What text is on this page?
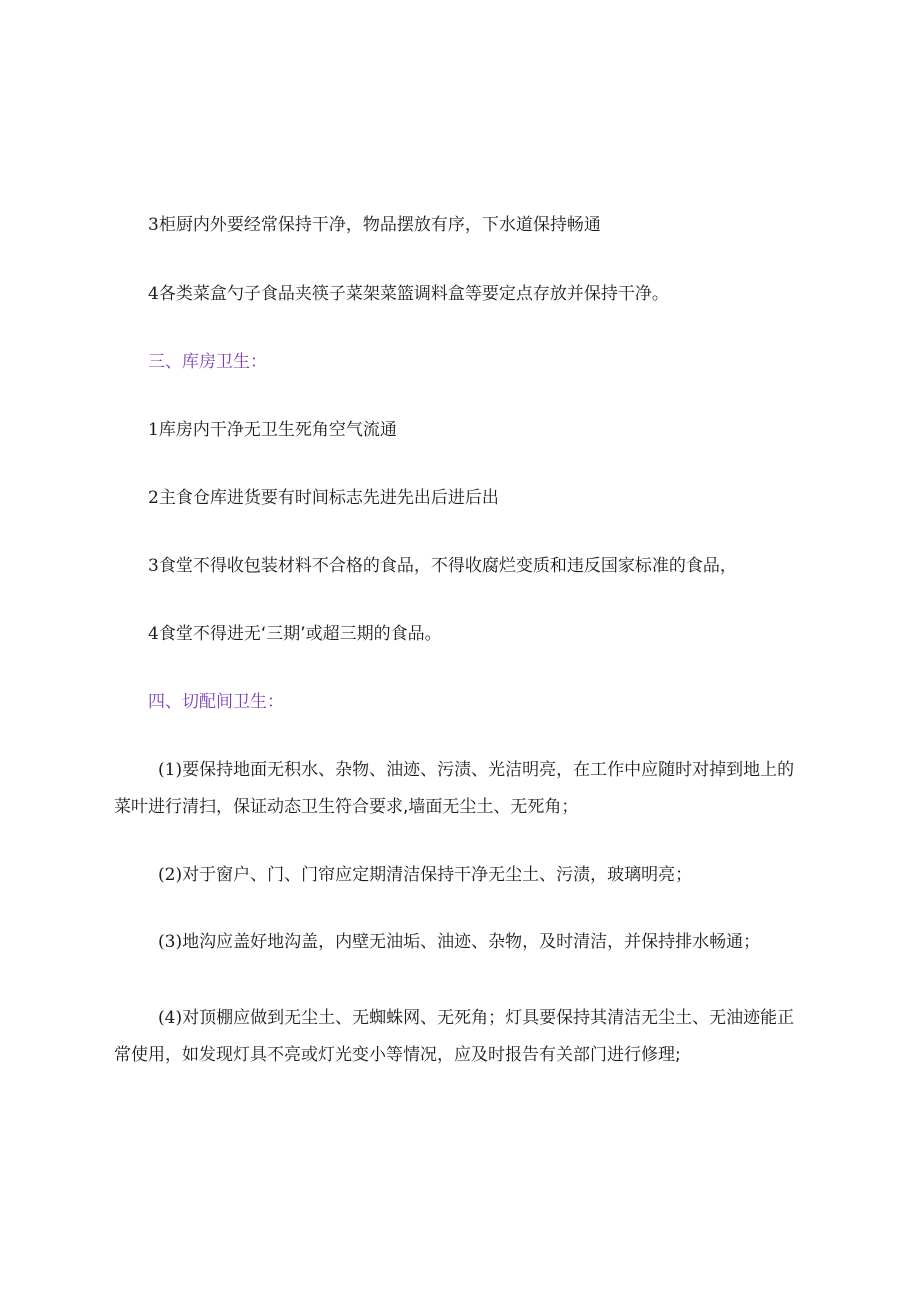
3柜厨内外要经常保持干净，物品摆放有序，下水道保持畅通
4各类菜盒勺子食品夹筷子菜架菜篮调料盒等要定点存放并保持干净。
三、库房卫生：
1库房内干净无卫生死角空气流通
2主食仓库进货要有时间标志先进先出后进后出
3食堂不得收包装材料不合格的食品，不得收腐烂变质和违反国家标准的食品，
4食堂不得进无‘三期’或超三期的食品。
四、切配间卫生：
(1)要保持地面无积水、杂物、油迹、污渍、光洁明亮，在工作中应随时对掉到地上的菜叶进行清扫，保证动态卫生符合要求,墙面无尘土、无死角；
(2)对于窗户、门、门帘应定期清洁保持干净无尘土、污渍，玻璃明亮；
(3)地沟应盖好地沟盖，内壁无油垢、油迹、杂物，及时清洁，并保持排水畅通；
(4)对顶棚应做到无尘土、无蜘蛛网、无死角；灯具要保持其清洁无尘土、无油迹能正常使用，如发现灯具不亮或灯光变小等情况，应及时报告有关部门进行修理;
